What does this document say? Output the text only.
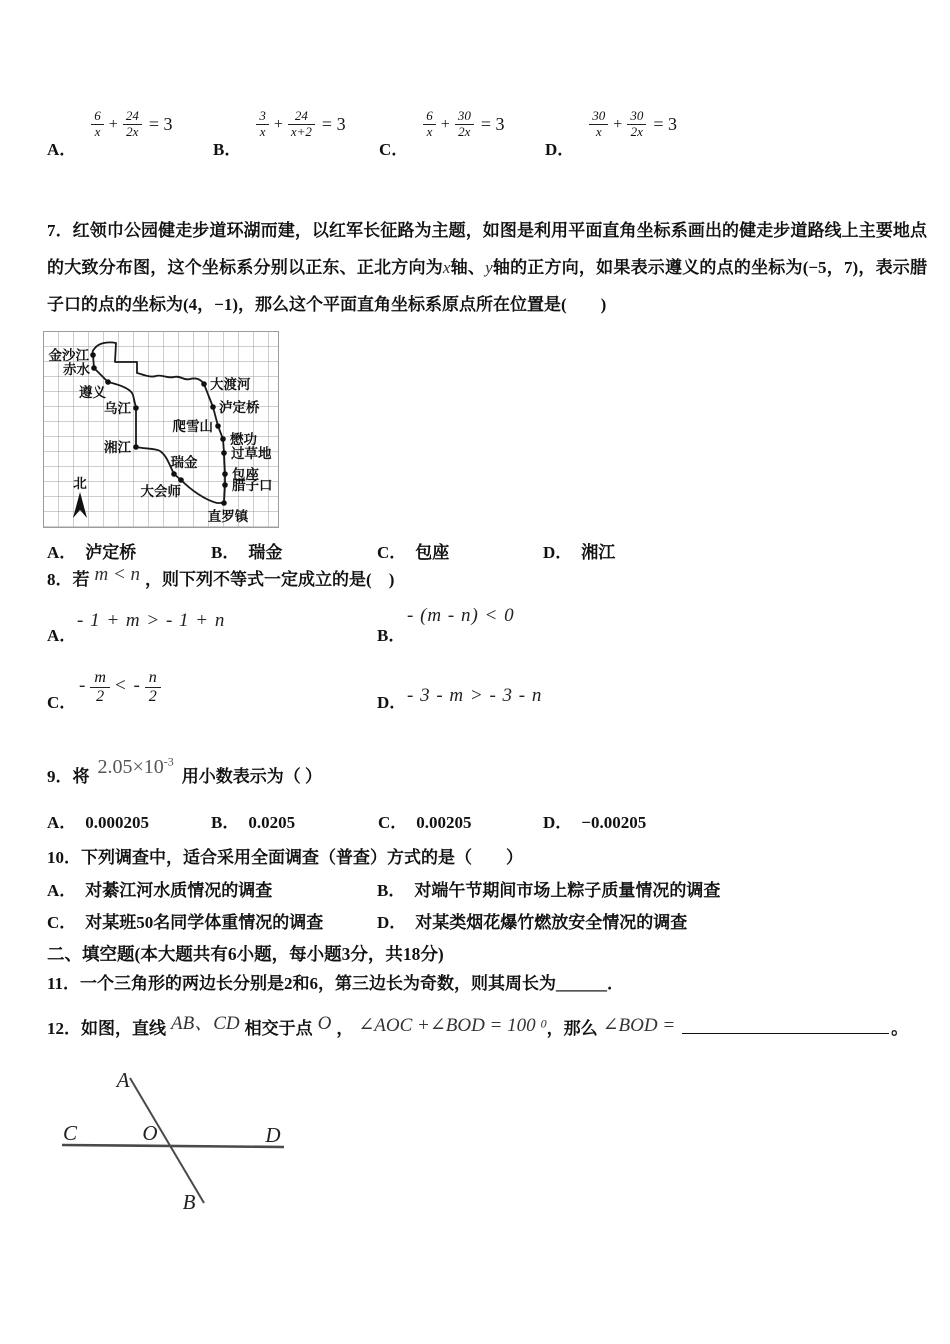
A．
$\frac{6}{x} + \frac{24}{2x} = 3$
B．
$\frac{3}{x} + \frac{24}{x+2} = 3$
C．
$\frac{6}{x} + \frac{30}{2x} = 3$
D．
$\frac{30}{x} + \frac{30}{2x} = 3$
7．红领巾公园健走步道环湖而建，以红军长征路为主题，如图是利用平面直角坐标系画出的健走步道路线上主要地点的大致分布图，这个坐标系分别以正东、正北方向为x轴、y轴的正方向，如果表示遵义的点的坐标为(−5，7)，表示腊子口的点的坐标为(4，−1)，那么这个平面直角坐标系原点所在位置是(　　)
金沙江
赤水
遵义
乌江
湘江
大渡河
泸定桥
爬雪山
懋功
过草地
包座
腊子口
瑞金
大会师
直罗镇
北
A． 泸定桥	B． 瑞金	C． 包座	D． 湘江
8．若 m < n ，则下列不等式一定成立的是(　)
A．
- 1 + m > - 1 + n
B．
- (m - n) < 0
C．
- $\frac{m}{2}$ < - $\frac{n}{2}$	D． - 3 - m > - 3 - n
9．将 $2.05\times 10^{-3}$用小数表示为（ ）
A． 0.000205	B． 0.0205	C． 0.00205	D． −0.00205
10．下列调查中，适合采用全面调查（普查）方式的是（　　）
A． 对綦江河水质情况的调查	B． 对端午节期间市场上粽子质量情况的调查
C． 对某班50名同学体重情况的调查	D． 对某类烟花爆竹燃放安全情况的调查
二、填空题(本大题共有6小题，每小题3分，共18分)
11．一个三角形的两边长分别是2和6，第三边长为奇数，则其周长为______．
12．如图，直线 AB、CD 相交于点 O ， ∠AOC +∠BOD = 100 $^0$，那么 ∠BOD =	。
A
C	O	D
B
